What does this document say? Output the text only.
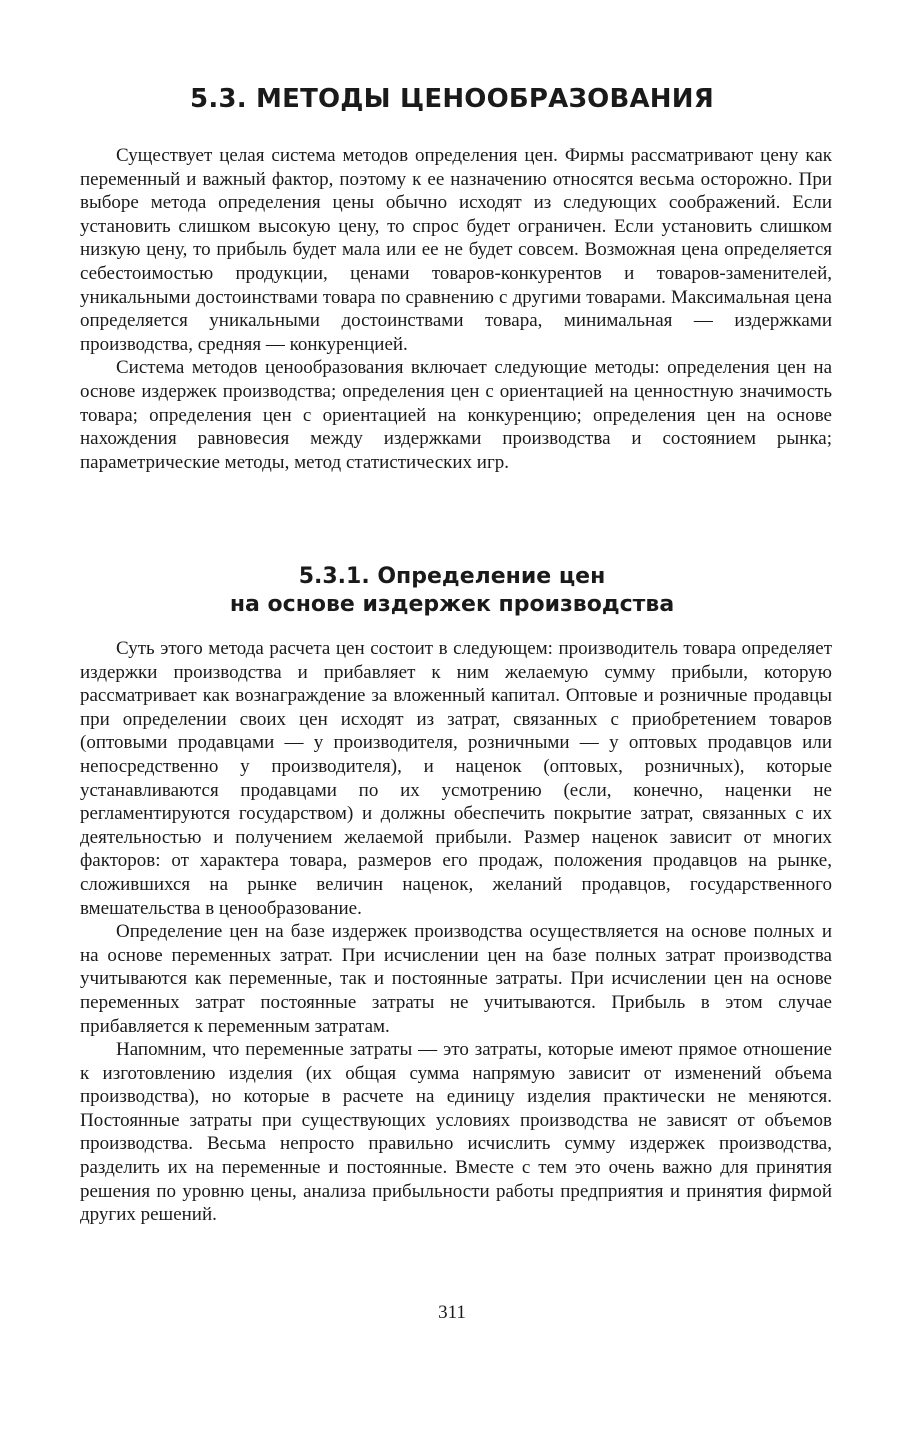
5.3. МЕТОДЫ ЦЕНООБРАЗОВАНИЯ

Существует целая система методов определения цен. Фирмы рассматривают цену как переменный и важный фактор, поэтому к ее назначению относятся весьма осторожно. При выборе метода определения цены обычно исходят из следующих соображений. Если установить слишком высокую цену, то спрос будет ограничен. Если установить слишком низкую цену, то прибыль будет мала или ее не будет совсем. Возможная цена определяется себестоимостью продукции, ценами товаров-конкурентов и товаров-заменителей, уникальными достоинствами товара по сравнению с другими товарами. Максимальная цена определяется уникальными достоинствами товара, минимальная — издержками производства, средняя — конкуренцией.

Система методов ценообразования включает следующие методы: определения цен на основе издержек производства; определения цен с ориентацией на ценностную значимость товара; определения цен с ориентацией на конкуренцию; определения цен на основе нахождения равновесия между издержками производства и состоянием рынка; параметрические методы, метод статистических игр.

5.3.1. Определение цен
на основе издержек производства

Суть этого метода расчета цен состоит в следующем: производитель товара определяет издержки производства и прибавляет к ним желаемую сумму прибыли, которую рассматривает как вознаграждение за вложенный капитал. Оптовые и розничные продавцы при определении своих цен исходят из затрат, связанных с приобретением товаров (оптовыми продавцами — у производителя, розничными — у оптовых продавцов или непосредственно у производителя), и наценок (оптовых, розничных), которые устанавливаются продавцами по их усмотрению (если, конечно, наценки не регламентируются государством) и должны обеспечить покрытие затрат, связанных с их деятельностью и получением желаемой прибыли. Размер наценок зависит от многих факторов: от характера товара, размеров его продаж, положения продавцов на рынке, сложившихся на рынке величин наценок, желаний продавцов, государственного вмешательства в ценообразование.

Определение цен на базе издержек производства осуществляется на основе полных и на основе переменных затрат. При исчислении цен на базе полных затрат производства учитываются как переменные, так и постоянные затраты. При исчислении цен на основе переменных затрат постоянные затраты не учитываются. Прибыль в этом случае прибавляется к переменным затратам.

Напомним, что переменные затраты — это затраты, которые имеют прямое отношение к изготовлению изделия (их общая сумма напрямую зависит от изменений объема производства), но которые в расчете на единицу изделия практически не меняются. Постоянные затраты при существующих условиях производства не зависят от объемов производства. Весьма непросто правильно исчислить сумму издержек производства, разделить их на переменные и постоянные. Вместе с тем это очень важно для принятия решения по уровню цены, анализа прибыльности работы предприятия и принятия фирмой других решений.

311
